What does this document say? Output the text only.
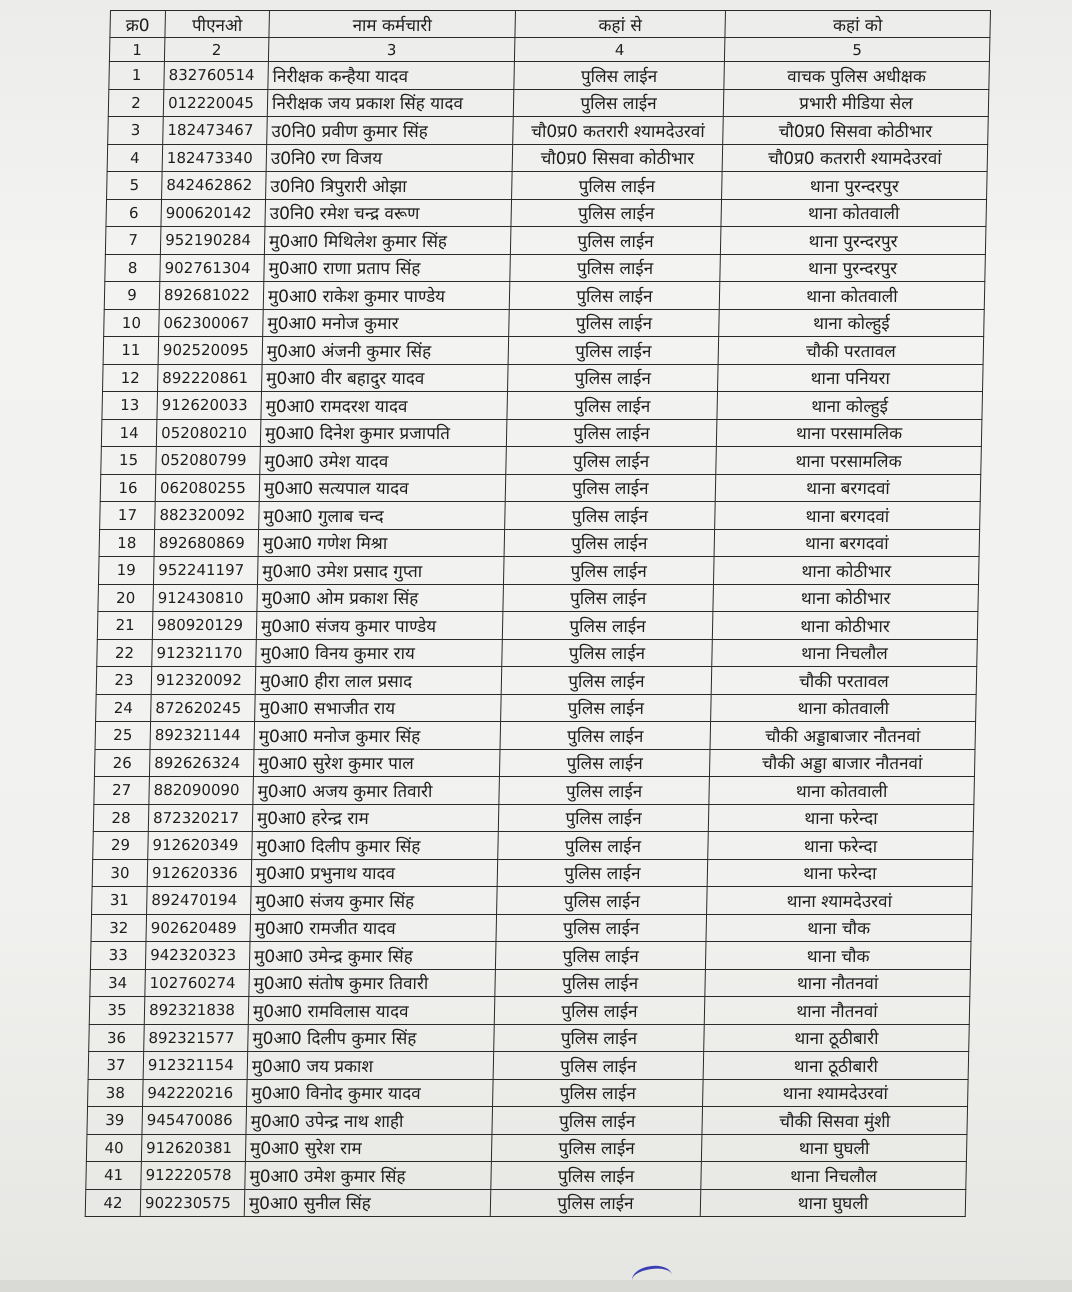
क्र0	पीएनओ	नाम कर्मचारी	कहां से	कहां को
1	2	3	4	5
1	832760514	निरीक्षक कन्हैया यादव	पुलिस लाईन	वाचक पुलिस अधीक्षक
2	012220045	निरीक्षक जय प्रकाश सिंह यादव	पुलिस लाईन	प्रभारी मीडिया सेल
3	182473467	उ0नि0 प्रवीण कुमार सिंह	चौ0प्र0 कतरारी श्यामदेउरवां	चौ0प्र0 सिसवा कोठीभार
4	182473340	उ0नि0 रण विजय	चौ0प्र0 सिसवा कोठीभार	चौ0प्र0 कतरारी श्यामदेउरवां
5	842462862	उ0नि0 त्रिपुरारी ओझा	पुलिस लाईन	थाना पुरन्दरपुर
6	900620142	उ0नि0 रमेश चन्द्र वरूण	पुलिस लाईन	थाना कोतवाली
7	952190284	मु0आ0 मिथिलेश कुमार सिंह	पुलिस लाईन	थाना पुरन्दरपुर
8	902761304	मु0आ0 राणा प्रताप सिंह	पुलिस लाईन	थाना पुरन्दरपुर
9	892681022	मु0आ0 राकेश कुमार पाण्डेय	पुलिस लाईन	थाना कोतवाली
10	062300067	मु0आ0 मनोज कुमार	पुलिस लाईन	थाना कोल्हुई
11	902520095	मु0आ0 अंजनी कुमार सिंह	पुलिस लाईन	चौकी परतावल
12	892220861	मु0आ0 वीर बहादुर यादव	पुलिस लाईन	थाना पनियरा
13	912620033	मु0आ0 रामदरश यादव	पुलिस लाईन	थाना कोल्हुई
14	052080210	मु0आ0 दिनेश कुमार प्रजापति	पुलिस लाईन	थाना परसामलिक
15	052080799	मु0आ0 उमेश यादव	पुलिस लाईन	थाना परसामलिक
16	062080255	मु0आ0 सत्यपाल यादव	पुलिस लाईन	थाना बरगदवां
17	882320092	मु0आ0 गुलाब चन्द	पुलिस लाईन	थाना बरगदवां
18	892680869	मु0आ0 गणेश मिश्रा	पुलिस लाईन	थाना बरगदवां
19	952241197	मु0आ0 उमेश प्रसाद गुप्ता	पुलिस लाईन	थाना कोठीभार
20	912430810	मु0आ0 ओम प्रकाश सिंह	पुलिस लाईन	थाना कोठीभार
21	980920129	मु0आ0 संजय कुमार पाण्डेय	पुलिस लाईन	थाना कोठीभार
22	912321170	मु0आ0 विनय कुमार राय	पुलिस लाईन	थाना निचलौल
23	912320092	मु0आ0 हीरा लाल प्रसाद	पुलिस लाईन	चौकी परतावल
24	872620245	मु0आ0 सभाजीत राय	पुलिस लाईन	थाना कोतवाली
25	892321144	मु0आ0 मनोज कुमार सिंह	पुलिस लाईन	चौकी अड्डाबाजार नौतनवां
26	892626324	मु0आ0 सुरेश कुमार पाल	पुलिस लाईन	चौकी अड्डा बाजार नौतनवां
27	882090090	मु0आ0 अजय कुमार तिवारी	पुलिस लाईन	थाना कोतवाली
28	872320217	मु0आ0 हरेन्द्र राम	पुलिस लाईन	थाना फरेन्दा
29	912620349	मु0आ0 दिलीप कुमार सिंह	पुलिस लाईन	थाना फरेन्दा
30	912620336	मु0आ0 प्रभुनाथ यादव	पुलिस लाईन	थाना फरेन्दा
31	892470194	मु0आ0 संजय कुमार सिंह	पुलिस लाईन	थाना श्यामदेउरवां
32	902620489	मु0आ0 रामजीत यादव	पुलिस लाईन	थाना चौक
33	942320323	मु0आ0 उमेन्द्र कुमार सिंह	पुलिस लाईन	थाना चौक
34	102760274	मु0आ0 संतोष कुमार तिवारी	पुलिस लाईन	थाना नौतनवां
35	892321838	मु0आ0 रामविलास यादव	पुलिस लाईन	थाना नौतनवां
36	892321577	मु0आ0 दिलीप कुमार सिंह	पुलिस लाईन	थाना ठूठीबारी
37	912321154	मु0आ0 जय प्रकाश	पुलिस लाईन	थाना ठूठीबारी
38	942220216	मु0आ0 विनोद कुमार यादव	पुलिस लाईन	थाना श्यामदेउरवां
39	945470086	मु0आ0 उपेन्द्र नाथ शाही	पुलिस लाईन	चौकी सिसवा मुंशी
40	912620381	मु0आ0 सुरेश राम	पुलिस लाईन	थाना घुघली
41	912220578	मु0आ0 उमेश कुमार सिंह	पुलिस लाईन	थाना निचलौल
42	902230575	मु0आ0 सुनील सिंह	पुलिस लाईन	थाना घुघली
